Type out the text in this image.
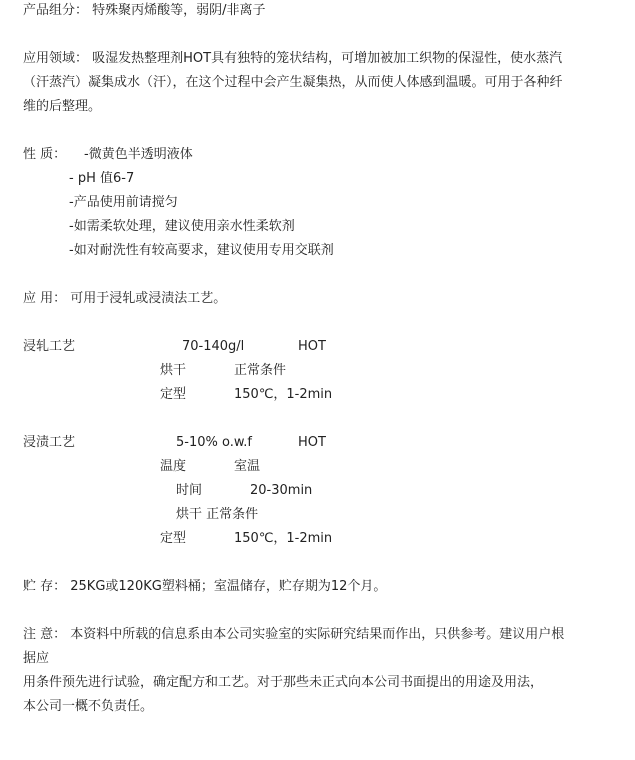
产品组分： 特殊聚丙烯酸等，弱阴/非离子
应用领域： 吸湿发热整理剂HOT具有独特的笼状结构，可增加被加工织物的保湿性，使水蒸汽
（汗蒸汽）凝集成水（汗），在这个过程中会产生凝集热，从而使人体感到温暖。可用于各种纤
维的后整理。
性 质： -微黄色半透明液体
- pH 值6-7
-产品使用前请搅匀
-如需柔软处理，建议使用亲水性柔软剂
-如对耐洗性有较高要求，建议使用专用交联剂
应 用： 可用于浸轧或浸渍法工艺。
浸轧工艺	70-140g/l	HOT
烘干	正常条件
定型	150℃，1-2min
浸渍工艺	5-10% o.w.f	HOT
温度	室温
时间	20-30min
烘干 正常条件
定型	150℃，1-2min
贮 存： 25KG或120KG塑料桶；室温储存，贮存期为12个月。
注 意： 本资料中所载的信息系由本公司实验室的实际研究结果而作出，只供参考。建议用户根
据应
用条件预先进行试验，确定配方和工艺。对于那些未正式向本公司书面提出的用途及用法，
本公司一概不负责任。
